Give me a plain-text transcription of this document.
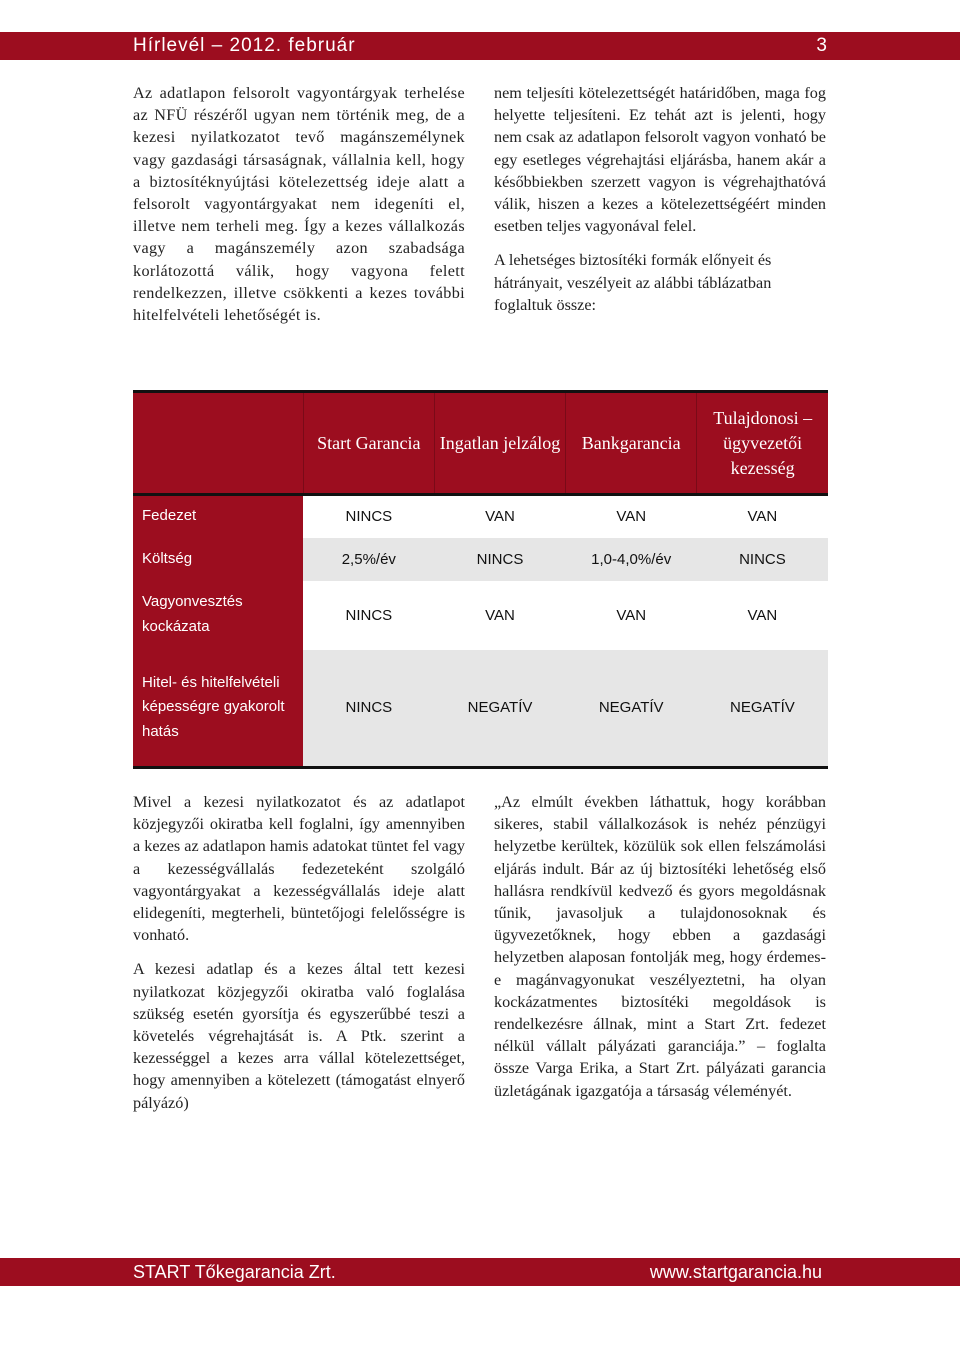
Hírlevél – 2012. február	3

Az adatlapon felsorolt vagyontárgyak terhelése az NFÜ részéről ugyan nem történik meg, de a kezesi nyilatkozatot tevő magánszemélynek vagy gazdasági társaságnak, vállalnia kell, hogy a biztosítéknyújtási kötelezettség ideje alatt a felsorolt vagyontárgyakat nem idegeníti el, illetve nem terheli meg. Így a kezes vállalkozás vagy a magánszemély azon szabadsága korlátozottá válik, hogy vagyona felett rendelkezzen, illetve csökkenti a kezes további hitelfelvételi lehetőségét is.

nem teljesíti kötelezettségét határidőben, maga fog helyette teljesíteni. Ez tehát azt is jelenti, hogy nem csak az adatlapon felsorolt vagyon vonható be egy esetleges végrehajtási eljárásba, hanem akár a későbbiekben szerzett vagyon is végrehajthatóvá válik, hiszen a kezes a kötelezettségéért minden esetben teljes vagyonával felel.

A lehetséges biztosítéki formák előnyeit és hátrányait, veszélyeit az alábbi táblázatban foglaltuk össze:

	Start Garancia	Ingatlan jelzálog	Bankgarancia	Tulajdonosi – ügyvezetői kezesség
Fedezet	NINCS	VAN	VAN	VAN
Költség	2,5%/év	NINCS	1,0-4,0%/év	NINCS
Vagyonvesztés kockázata	NINCS	VAN	VAN	VAN
Hitel- és hitelfelvételi képességre gyakorolt hatás	NINCS	NEGATÍV	NEGATÍV	NEGATÍV

Mivel a kezesi nyilatkozatot és az adatlapot közjegyzői okiratba kell foglalni, így amennyiben a kezes az adatlapon hamis adatokat tüntet fel vagy a kezességvállalás fedezeteként szolgáló vagyontárgyakat a kezességvállalás ideje alatt elidegeníti, megterheli, büntetőjogi felelősségre is vonható.

A kezesi adatlap és a kezes által tett kezesi nyilatkozat közjegyzői okiratba való foglalása szükség esetén gyorsítja és egyszerűbbé teszi a követelés végrehajtását is. A Ptk. szerint a kezességgel a kezes arra vállal kötelezettséget, hogy amennyiben a kötelezett (támogatást elnyerő pályázó)

„Az elmúlt években láthattuk, hogy korábban sikeres, stabil vállalkozások is nehéz pénzügyi helyzetbe kerültek, közülük sok ellen felszámolási eljárás indult. Bár az új biztosítéki lehetőség első hallásra rendkívül kedvező és gyors megoldásnak tűnik, javasoljuk a tulajdonosoknak és ügyvezetőknek, hogy ebben a gazdasági helyzetben alaposan fontolják meg, hogy érdemes-e magánvagyonukat veszélyeztetni, ha olyan kockázatmentes biztosítéki megoldások is rendelkezésre állnak, mint a Start Zrt. fedezet nélkül vállalt pályázati garanciája.” – foglalta össze Varga Erika, a Start Zrt. pályázati garancia üzletágának igazgatója a társaság véleményét.

START Tőkegarancia Zrt.	www.startgarancia.hu
